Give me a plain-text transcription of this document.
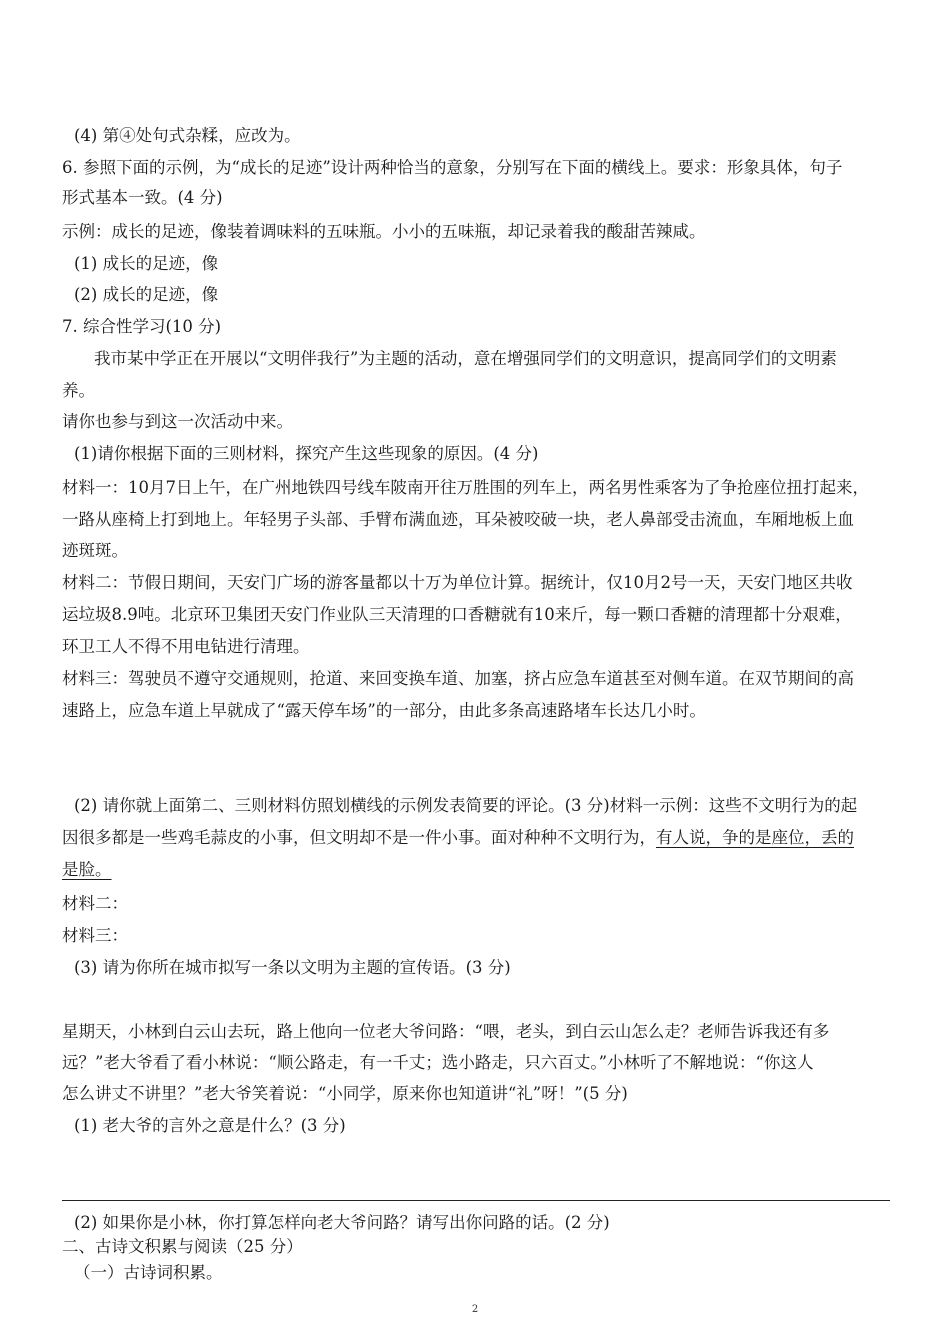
(4) 第④处句式杂糅，应改为。
6. 参照下面的示例，为“成长的足迹”设计两种恰当的意象，分别写在下面的横线上。要求：形象具体，句子
形式基本一致。(4 分)
示例：成长的足迹，像装着调味料的五味瓶。小小的五味瓶，却记录着我的酸甜苦辣咸。
(1) 成长的足迹，像
(2) 成长的足迹，像
7. 综合性学习(10 分)
我市某中学正在开展以“文明伴我行”为主题的活动，意在增强同学们的文明意识，提高同学们的文明素
养。
请你也参与到这一次活动中来。
(1)请你根据下面的三则材料，探究产生这些现象的原因。(4 分)
材料一：10月7日上午，在广州地铁四号线车陂南开往万胜围的列车上，两名男性乘客为了争抢座位扭打起来，
一路从座椅上打到地上。年轻男子头部、手臂布满血迹，耳朵被咬破一块，老人鼻部受击流血，车厢地板上血
迹斑斑。
材料二：节假日期间，天安门广场的游客量都以十万为单位计算。据统计，仅10月2号一天，天安门地区共收
运垃圾8.9吨。北京环卫集团天安门作业队三天清理的口香糖就有10来斤，每一颗口香糖的清理都十分艰难，
环卫工人不得不用电钻进行清理。
材料三：驾驶员不遵守交通规则，抢道、来回变换车道、加塞，挤占应急车道甚至对侧车道。在双节期间的高
速路上，应急车道上早就成了“露天停车场”的一部分，由此多条高速路堵车长达几小时。
(2) 请你就上面第二、三则材料仿照划横线的示例发表简要的评论。(3 分)材料一示例：这些不文明行为的起
因很多都是一些鸡毛蒜皮的小事，但文明却不是一件小事。面对种种不文明行为，有人说，争的是座位，丢的
是脸。
材料二：
材料三：
(3) 请为你所在城市拟写一条以文明为主题的宣传语。(3 分)
星期天，小林到白云山去玩，路上他向一位老大爷问路：“喂，老头，到白云山怎么走？老师告诉我还有多
远？”老大爷看了看小林说：“顺公路走，有一千丈；选小路走，只六百丈。”小林听了不解地说：“你这人
怎么讲丈不讲里？”老大爷笑着说：“小同学，原来你也知道讲“礼”呀！”(5 分)
(1) 老大爷的言外之意是什么？(3 分)
(2) 如果你是小林，你打算怎样向老大爷问路？请写出你问路的话。(2 分)
二、古诗文积累与阅读（25 分）
（一）古诗词积累。
2
